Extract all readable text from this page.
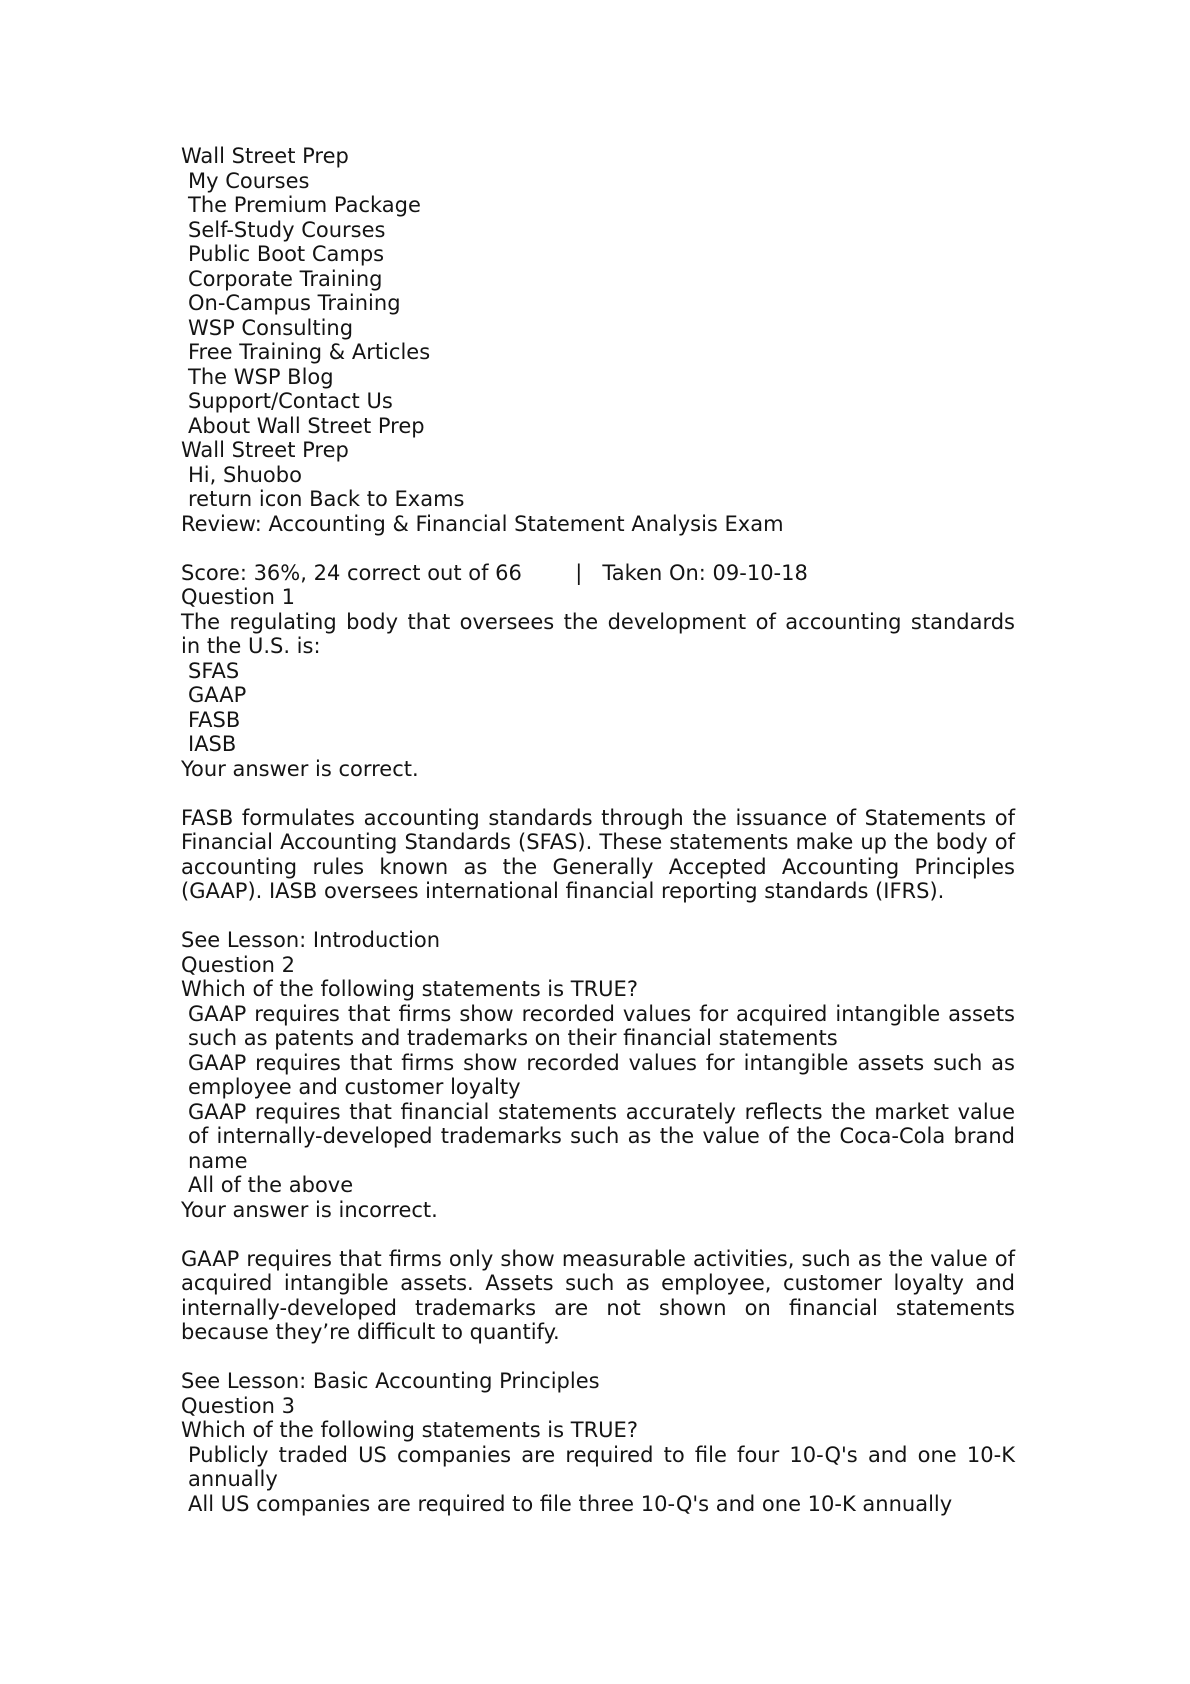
Wall Street Prep
My Courses
The Premium Package
Self-Study Courses
Public Boot Camps
Corporate Training
On-Campus Training
WSP Consulting
Free Training & Articles
The WSP Blog
Support/Contact Us
About Wall Street Prep
Wall Street Prep
Hi, Shuobo
return icon Back to Exams
Review: Accounting & Financial Statement Analysis Exam
Score: 36%, 24 correct out of 66        |   Taken On: 09-10-18
Question 1
The regulating body that oversees the development of accounting standards in the U.S. is:
SFAS
GAAP
FASB
IASB
Your answer is correct.
FASB formulates accounting standards through the issuance of Statements of Financial Accounting Standards (SFAS). These statements make up the body of accounting rules known as the Generally Accepted Accounting Principles (GAAP). IASB oversees international financial reporting standards (IFRS).
See Lesson: Introduction
Question 2
Which of the following statements is TRUE?
GAAP requires that firms show recorded values for acquired intangible assets such as patents and trademarks on their financial statements
GAAP requires that firms show recorded values for intangible assets such as employee and customer loyalty
GAAP requires that financial statements accurately reflects the market value of internally-developed trademarks such as the value of the Coca-Cola brand name
All of the above
Your answer is incorrect.
GAAP requires that firms only show measurable activities, such as the value of acquired intangible assets. Assets such as employee, customer loyalty and internally-developed trademarks are not shown on financial statements because they’re difficult to quantify.
See Lesson: Basic Accounting Principles
Question 3
Which of the following statements is TRUE?
Publicly traded US companies are required to file four 10-Q's and one 10-K annually
All US companies are required to file three 10-Q's and one 10-K annually
